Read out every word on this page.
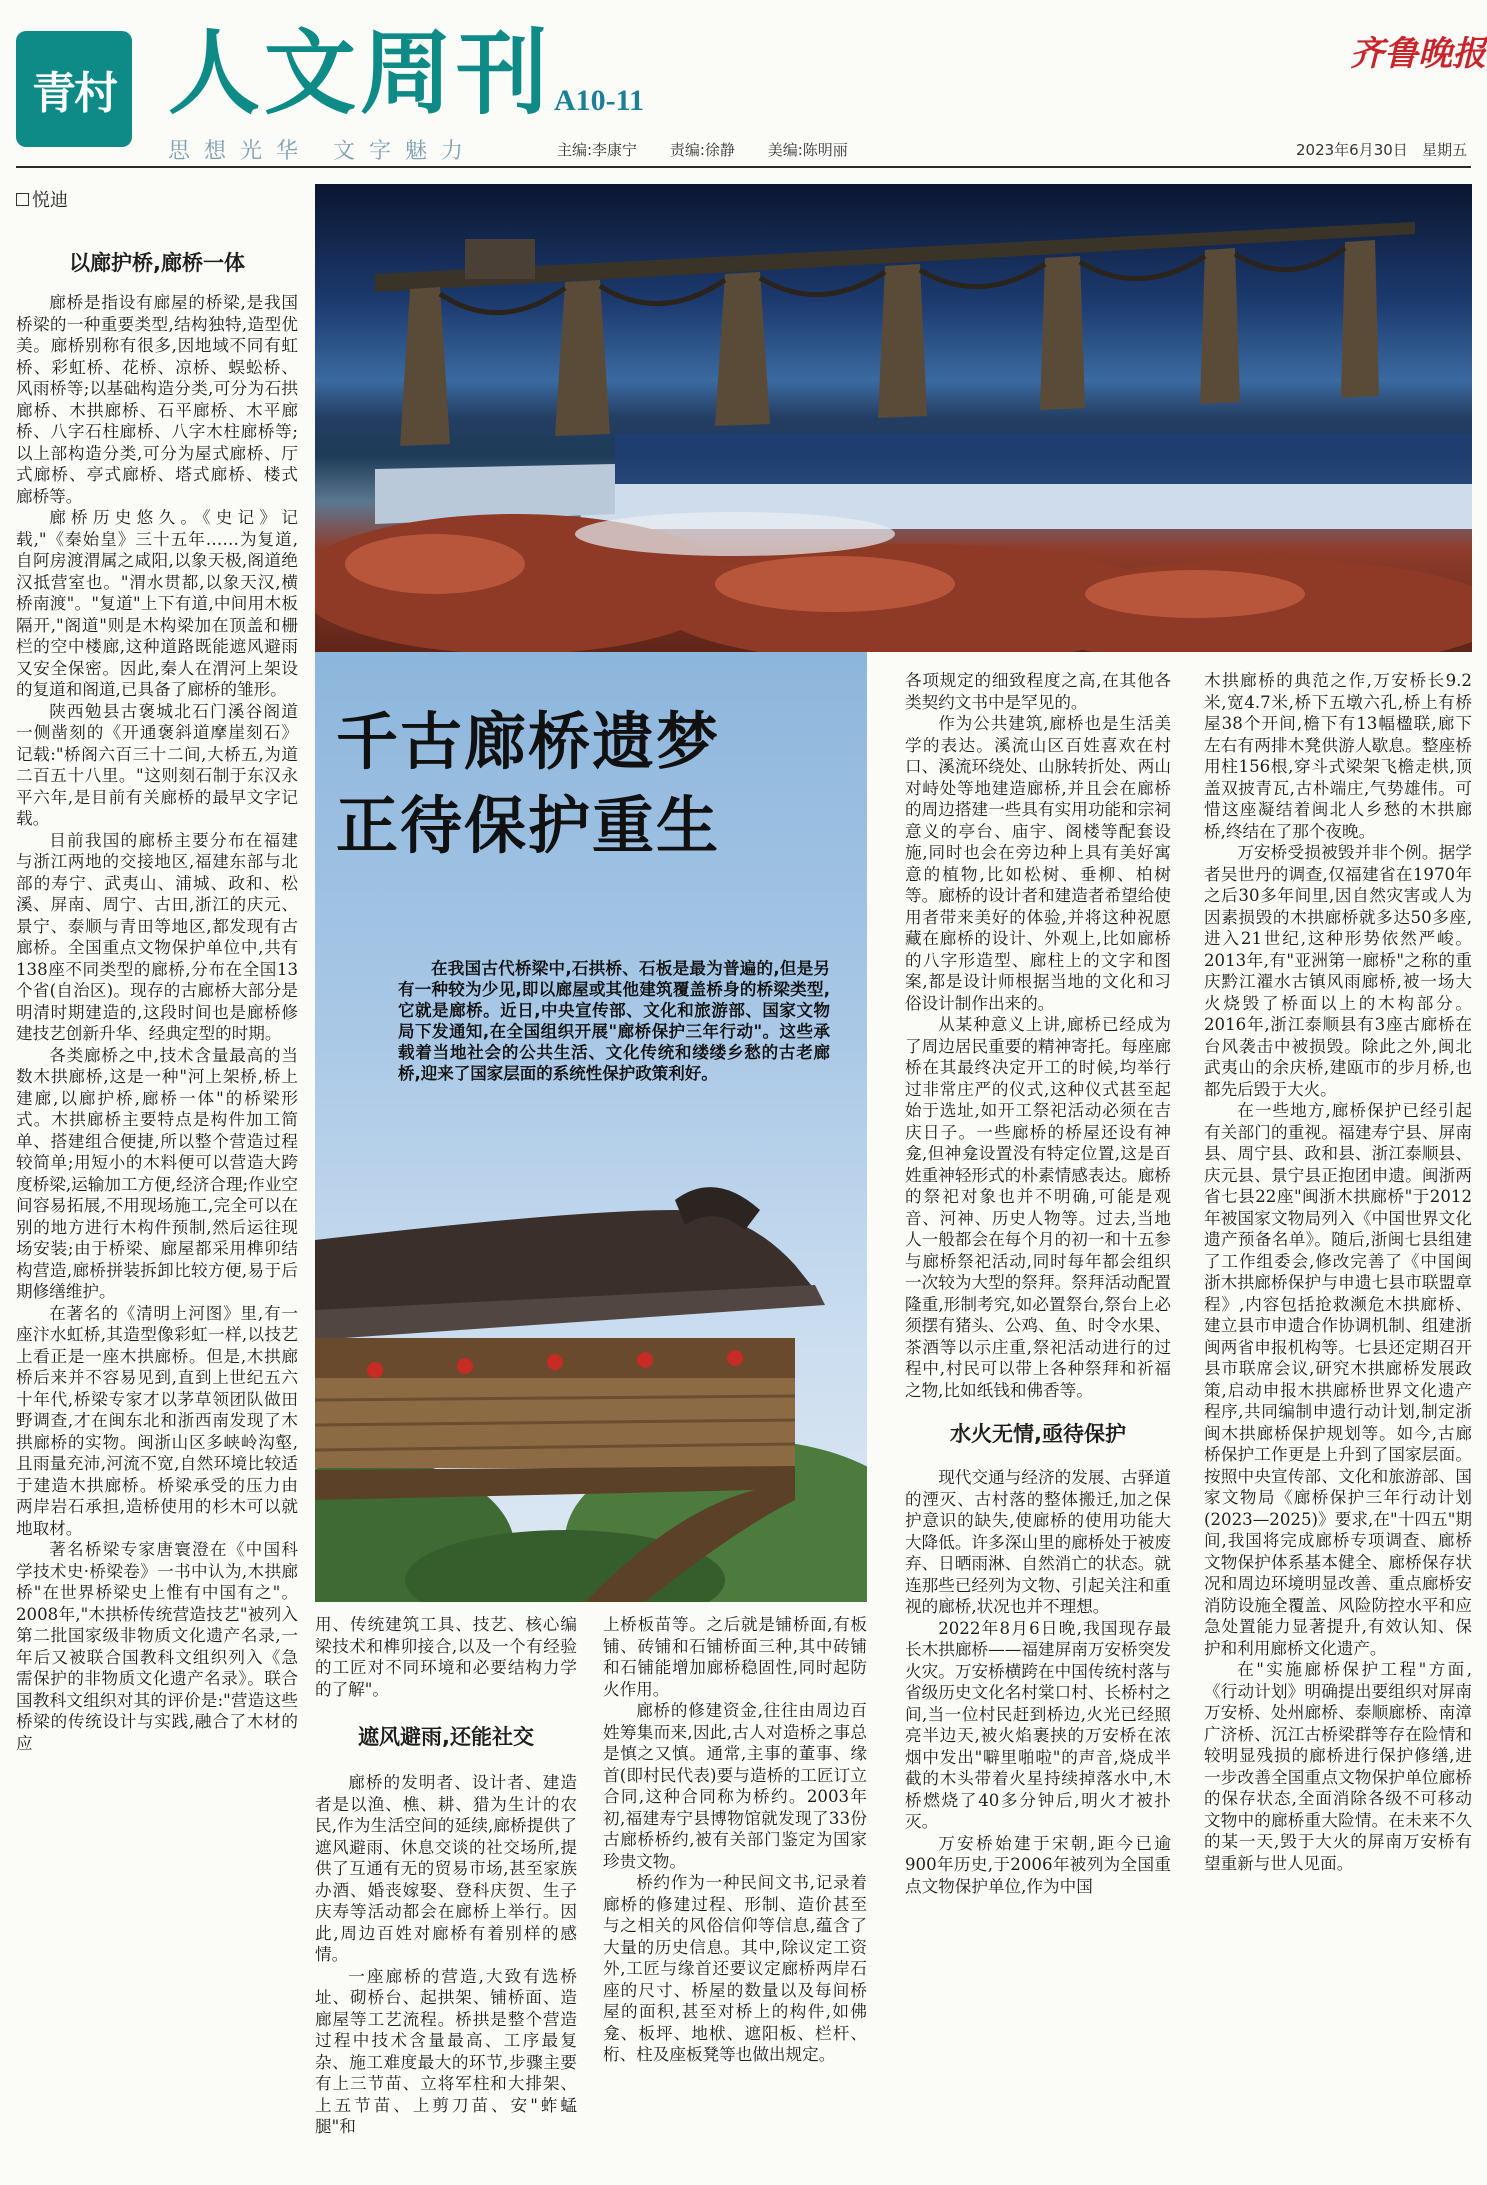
青村 人文周刊 A10-11
思想光华 文字魅力	主编:李康宁 责编:徐静 美编:陈明丽	2023年6月30日 星期五
齐鲁晚报
悦迪
以廊护桥,廊桥一体

廊桥是指设有廊屋的桥梁,是我国桥梁的一种重要类型,结构独特,造型优美。廊桥别称有很多,因地域不同有虹桥、彩虹桥、花桥、凉桥、蜈蚣桥、风雨桥等;以基础构造分类,可分为石拱廊桥、木拱廊桥、石平廊桥、木平廊桥、八字石柱廊桥、八字木柱廊桥等;以上部构造分类,可分为屋式廊桥、厅式廊桥、亭式廊桥、塔式廊桥、楼式廊桥等。

廊桥历史悠久。《史记》记载,"《秦始皇》三十五年……为复道,自阿房渡渭属之咸阳,以象天极,阁道绝汉抵营室也。"渭水贯都,以象天汉,横桥南渡"。"复道"上下有道,中间用木板隔开,"阁道"则是木构梁加在顶盖和栅栏的空中楼廊,这种道路既能遮风避雨又安全保密。因此,秦人在渭河上架设的复道和阁道,已具备了廊桥的雏形。

陕西勉县古褒城北石门溪谷阁道一侧凿刻的《开通褒斜道摩崖刻石》记载:"桥阁六百三十二间,大桥五,为道二百五十八里。"这则刻石制于东汉永平六年,是目前有关廊桥的最早文字记载。

目前我国的廊桥主要分布在福建与浙江两地的交接地区,福建东部与北部的寿宁、武夷山、浦城、政和、松溪、屏南、周宁、古田,浙江的庆元、景宁、泰顺与青田等地区,都发现有古廊桥。全国重点文物保护单位中,共有138座不同类型的廊桥,分布在全国13个省(自治区)。现存的古廊桥大部分是明清时期建造的,这段时间也是廊桥修建技艺创新升华、经典定型的时期。

各类廊桥之中,技术含量最高的当数木拱廊桥,这是一种"河上架桥,桥上建廊,以廊护桥,廊桥一体"的桥梁形式。木拱廊桥主要特点是构件加工简单、搭建组合便捷,所以整个营造过程较简单;用短小的木料便可以营造大跨度桥梁,运输加工方便,经济合理;作业空间容易拓展,不用现场施工,完全可以在别的地方进行木构件预制,然后运往现场安装;由于桥梁、廊屋都采用榫卯结构营造,廊桥拼装拆卸比较方便,易于后期修缮维护。

在著名的《清明上河图》里,有一座汴水虹桥,其造型像彩虹一样,以技艺上看正是一座木拱廊桥。但是,木拱廊桥后来并不容易见到,直到上世纪五六十年代,桥梁专家才以茅草领团队做田野调查,才在闽东北和浙西南发现了木拱廊桥的实物。闽浙山区多峡岭沟壑,且雨量充沛,河流不宽,自然环境比较适于建造木拱廊桥。桥梁承受的压力由两岸岩石承担,造桥使用的杉木可以就地取材。

著名桥梁专家唐寰澄在《中国科学技术史·桥梁卷》一书中认为,木拱廊桥"在世界桥梁史上惟有中国有之"。2008年,"木拱桥传统营造技艺"被列入第二批国家级非物质文化遗产名录,一年后又被联合国教科文组织列入《急需保护的非物质文化遗产名录》。联合国教科文组织对其的评价是:"营造这些桥梁的传统设计与实践,融合了木材的应

千古廊桥遗梦
正待保护重生
在我国古代桥梁中,石拱桥、石板是最为普遍的,但是另有一种较为少见,即以廊屋或其他建筑覆盖桥身的桥梁类型,它就是廊桥。近日,中央宣传部、文化和旅游部、国家文物局下发通知,在全国组织开展"廊桥保护三年行动"。这些承载着当地社会的公共生活、文化传统和缕缕乡愁的古老廊桥,迎来了国家层面的系统性保护政策利好。

用、传统建筑工具、技艺、核心编梁技术和榫卯接合,以及一个有经验的工匠对不同环境和必要结构力学的了解"。

遮风避雨,还能社交

廊桥的发明者、设计者、建造者是以渔、樵、耕、猎为生计的农民,作为生活空间的延续,廊桥提供了遮风避雨、休息交谈的社交场所,提供了互通有无的贸易市场,甚至家族办酒、婚丧嫁娶、登科庆贺、生子庆寿等活动都会在廊桥上举行。因此,周边百姓对廊桥有着别样的感情。

一座廊桥的营造,大致有选桥址、砌桥台、起拱架、铺桥面、造廊屋等工艺流程。桥拱是整个营造过程中技术含量最高、工序最复杂、施工难度最大的环节,步骤主要有上三节苗、立将军柱和大排架、上五节苗、上剪刀苗、安"蚱蜢腿"和

上桥板苗等。之后就是铺桥面,有板铺、砖铺和石铺桥面三种,其中砖铺和石铺能增加廊桥稳固性,同时起防火作用。

廊桥的修建资金,往往由周边百姓筹集而来,因此,古人对造桥之事总是慎之又慎。通常,主事的董事、缘首(即村民代表)要与造桥的工匠订立合同,这种合同称为桥约。2003年初,福建寿宁县博物馆就发现了33份古廊桥桥约,被有关部门鉴定为国家珍贵文物。

桥约作为一种民间文书,记录着廊桥的修建过程、形制、造价甚至与之相关的风俗信仰等信息,蕴含了大量的历史信息。其中,除议定工资外,工匠与缘首还要议定廊桥两岸石座的尺寸、桥屋的数量以及每间桥屋的面积,甚至对桥上的构件,如佛龛、板坪、地栿、遮阳板、栏杆、桁、柱及座板凳等也做出规定。

各项规定的细致程度之高,在其他各类契约文书中是罕见的。

作为公共建筑,廊桥也是生活美学的表达。溪流山区百姓喜欢在村口、溪流环绕处、山脉转折处、两山对峙处等地建造廊桥,并且会在廊桥的周边搭建一些具有实用功能和宗祠意义的亭台、庙宇、阁楼等配套设施,同时也会在旁边种上具有美好寓意的植物,比如松树、垂柳、柏树等。廊桥的设计者和建造者希望给使用者带来美好的体验,并将这种祝愿藏在廊桥的设计、外观上,比如廊桥的八字形造型、廊柱上的文字和图案,都是设计师根据当地的文化和习俗设计制作出来的。

从某种意义上讲,廊桥已经成为了周边居民重要的精神寄托。每座廊桥在其最终决定开工的时候,均举行过非常庄严的仪式,这种仪式甚至起始于选址,如开工祭祀活动必须在吉庆日子。一些廊桥的桥屋还设有神龛,但神龛设置没有特定位置,这是百姓重神轻形式的朴素情感表达。廊桥的祭祀对象也并不明确,可能是观音、河神、历史人物等。过去,当地人一般都会在每个月的初一和十五参与廊桥祭祀活动,同时每年都会组织一次较为大型的祭拜。祭拜活动配置隆重,形制考究,如必置祭台,祭台上必须摆有猪头、公鸡、鱼、时令水果、茶酒等以示庄重,祭祀活动进行的过程中,村民可以带上各种祭拜和祈福之物,比如纸钱和佛香等。

水火无情,亟待保护

现代交通与经济的发展、古驿道的湮灭、古村落的整体搬迁,加之保护意识的缺失,使廊桥的使用功能大大降低。许多深山里的廊桥处于被废弃、日晒雨淋、自然消亡的状态。就连那些已经列为文物、引起关注和重视的廊桥,状况也并不理想。

2022年8月6日晚,我国现存最长木拱廊桥——福建屏南万安桥突发火灾。万安桥横跨在中国传统村落与省级历史文化名村棠口村、长桥村之间,当一位村民赶到桥边,火光已经照亮半边天,被火焰裹挟的万安桥在浓烟中发出"噼里啪啦"的声音,烧成半截的木头带着火星持续掉落水中,木桥燃烧了40多分钟后,明火才被扑灭。

万安桥始建于宋朝,距今已逾900年历史,于2006年被列为全国重点文物保护单位,作为中国

木拱廊桥的典范之作,万安桥长9.2米,宽4.7米,桥下五墩六孔,桥上有桥屋38个开间,檐下有13幅楹联,廊下左右有两排木凳供游人歇息。整座桥用柱156根,穿斗式梁架飞檐走栱,顶盖双披青瓦,古朴端庄,气势雄伟。可惜这座凝结着闽北人乡愁的木拱廊桥,终结在了那个夜晚。

万安桥受损被毁并非个例。据学者吴世丹的调查,仅福建省在1970年之后30多年间里,因自然灾害或人为因素损毁的木拱廊桥就多达50多座,进入21世纪,这种形势依然严峻。2013年,有"亚洲第一廊桥"之称的重庆黔江濯水古镇风雨廊桥,被一场大火烧毁了桥面以上的木构部分。2016年,浙江泰顺县有3座古廊桥在台风袭击中被损毁。除此之外,闽北武夷山的余庆桥,建瓯市的步月桥,也都先后毁于大火。

在一些地方,廊桥保护已经引起有关部门的重视。福建寿宁县、屏南县、周宁县、政和县、浙江泰顺县、庆元县、景宁县正抱团申遗。闽浙两省七县22座"闽浙木拱廊桥"于2012年被国家文物局列入《中国世界文化遗产预备名单》。随后,浙闽七县组建了工作组委会,修改完善了《中国闽浙木拱廊桥保护与申遗七县市联盟章程》,内容包括抢救濒危木拱廊桥、建立县市申遗合作协调机制、组建浙闽两省申报机构等。七县还定期召开县市联席会议,研究木拱廊桥发展政策,启动申报木拱廊桥世界文化遗产程序,共同编制申遗行动计划,制定浙闽木拱廊桥保护规划等。如今,古廊桥保护工作更是上升到了国家层面。按照中央宣传部、文化和旅游部、国家文物局《廊桥保护三年行动计划(2023—2025)》要求,在"十四五"期间,我国将完成廊桥专项调查、廊桥文物保护体系基本健全、廊桥保存状况和周边环境明显改善、重点廊桥安消防设施全覆盖、风险防控水平和应急处置能力显著提升,有效认知、保护和利用廊桥文化遗产。

在"实施廊桥保护工程"方面,《行动计划》明确提出要组织对屏南万安桥、处州廊桥、泰顺廊桥、南漳广济桥、沉江古桥梁群等存在险情和较明显残损的廊桥进行保护修缮,进一步改善全国重点文物保护单位廊桥的保存状态,全面消除各级不可移动文物中的廊桥重大险情。在未来不久的某一天,毁于大火的屏南万安桥有望重新与世人见面。
